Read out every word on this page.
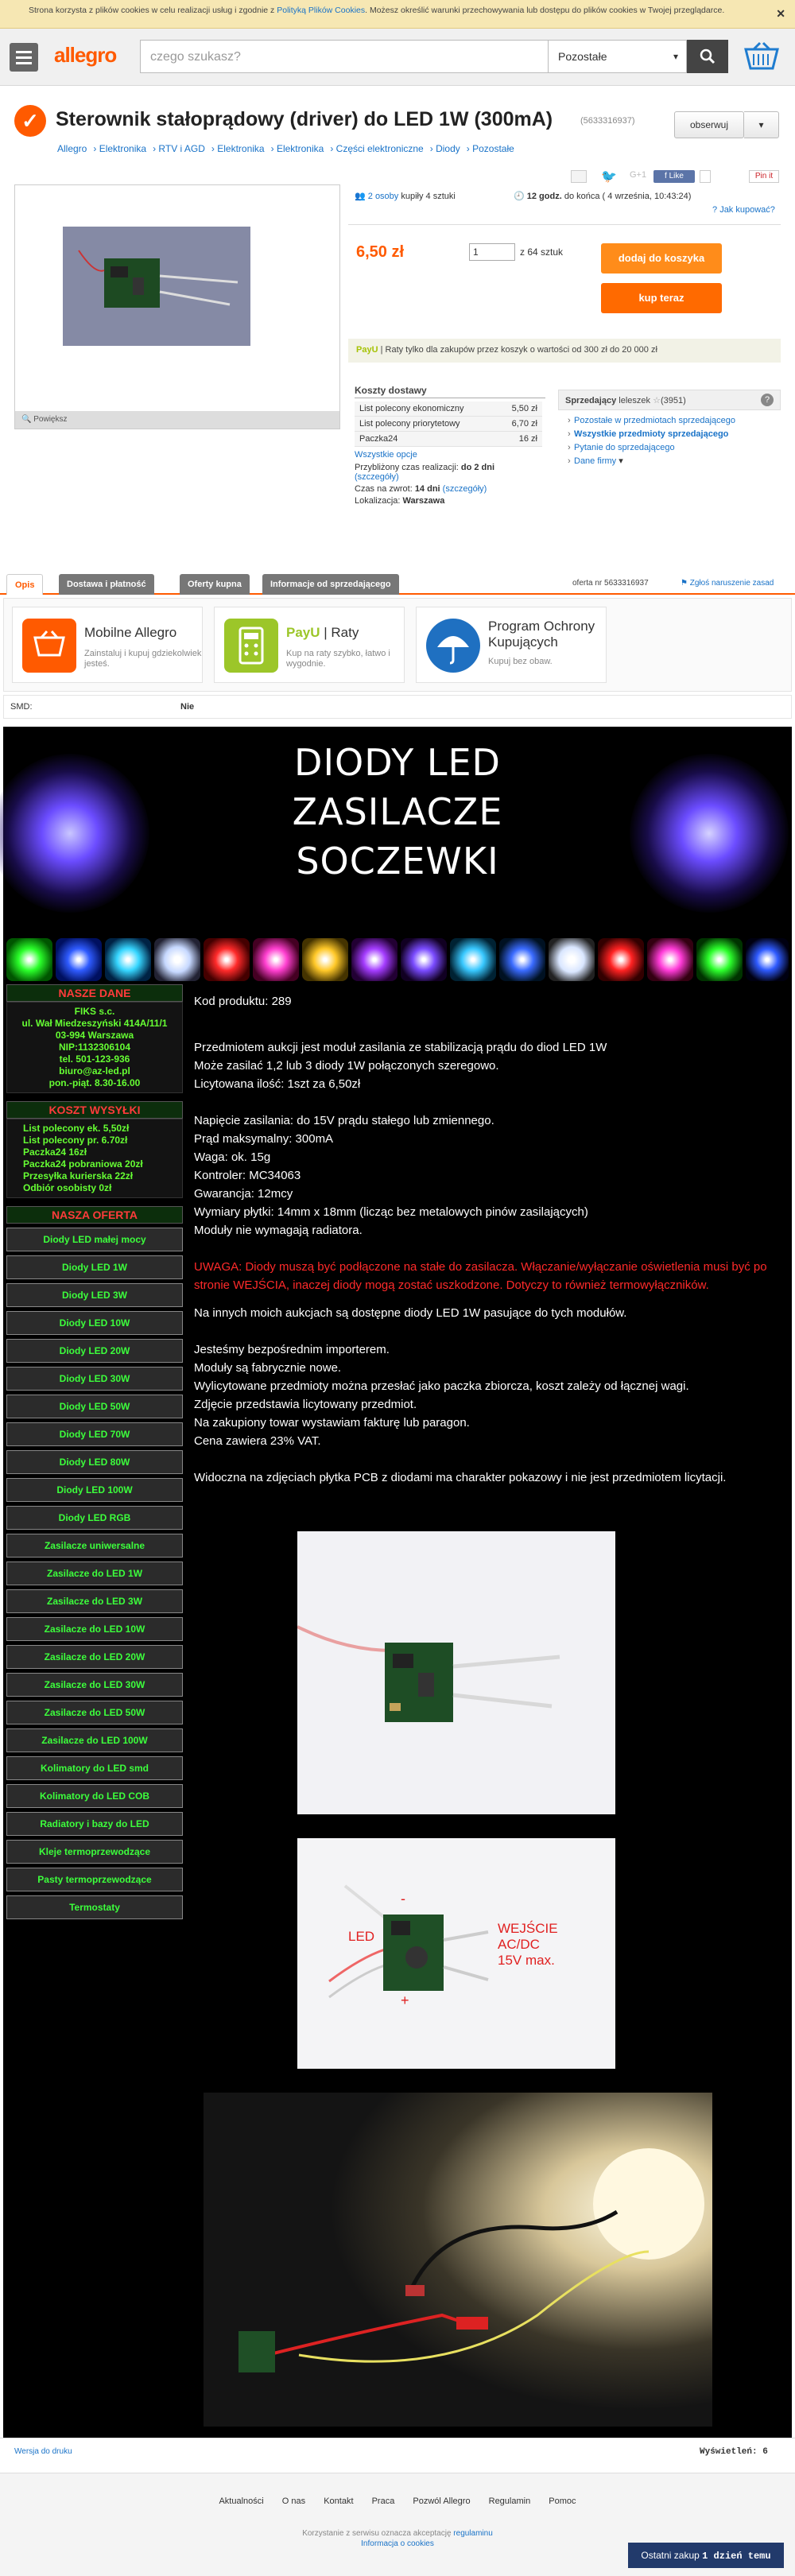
Strona korzysta z plików cookies w celu realizacji usług i zgodnie z Polityką Plików Cookies. Możesz określić warunki przechowywania lub dostępu do plików cookies w Twojej przeglądarce.	✕
allegro	czego szukasz?	Pozostałe	▾
✓ Sterownik stałoprądowy (driver) do LED 1W (300mA)	(5633316937)	obserwuj	▾
Allegro › Elektronika › RTV i AGD › Elektronika › Elektronika › Części elektroniczne › Diody › Pozostałe
🐦 G+1	f Like	Pin it
🔍 Powiększ
👥 2 osoby kupiły 4 sztuki	🕘 12 godz. do końca ( 4 września, 10:43:24)
? Jak kupować?
6,50 zł	1	z 64 sztuk	dodaj do koszyka
kup teraz
PayU | Raty tylko dla zakupów przez koszyk o wartości od 300 zł do 20 000 zł
Koszty dostawy
List polecony ekonomiczny	5,50 zł
List polecony priorytetowy	6,70 zł
Paczka24	16 zł
Wszystkie opcje
Przybliżony czas realizacji: do 2 dni
(szczegóły)
Czas na zwrot: 14 dni (szczegóły)
Lokalizacja: Warszawa
Sprzedający leleszek ☆(3951)	?
› Pozostałe w przedmiotach sprzedającego
› Wszystkie przedmioty sprzedającego
› Pytanie do sprzedającego
› Dane firmy ▾
Opis	Dostawa i płatność	Oferty kupna	Informacje od sprzedającego	oferta nr 5633316937	⚑ Zgłoś naruszenie zasad
Mobilne Allegro
Zainstaluj i kupuj gdziekolwiek jesteś.
PayU | Raty
Kup na raty szybko, łatwo i wygodnie.
Program Ochrony Kupujących
Kupuj bez obaw.
SMD:	Nie
DIODY LED
ZASILACZE
SOCZEWKI
NASZE DANE
FIKS s.c.
ul. Wał Miedzeszyński 414A/11/1
03-994 Warszawa
NIP:1132306104
tel. 501-123-936
biuro@az-led.pl
pon.-piąt. 8.30-16.00
KOSZT WYSYŁKI
List polecony ek. 5,50zł
List polecony pr. 6.70zł
Paczka24 16zł
Paczka24 pobraniowa 20zł
Przesyłka kurierska 22zł
Odbiór osobisty 0zł
NASZA OFERTA
Diody LED małej mocy
Diody LED 1W
Diody LED 3W
Diody LED 10W
Diody LED 20W
Diody LED 30W
Diody LED 50W
Diody LED 70W
Diody LED 80W
Diody LED 100W
Diody LED RGB
Zasilacze uniwersalne
Zasilacze do LED 1W
Zasilacze do LED 3W
Zasilacze do LED 10W
Zasilacze do LED 20W
Zasilacze do LED 30W
Zasilacze do LED 50W
Zasilacze do LED 100W
Kolimatory do LED smd
Kolimatory do LED COB
Radiatory i bazy do LED
Kleje termoprzewodzące
Pasty termoprzewodzące
Termostaty

Kod produktu: 289

Przedmiotem aukcji jest moduł zasilania ze stabilizacją prądu do diod LED 1W

Może zasilać 1,2 lub 3 diody 1W połączonych szeregowo.

Licytowana ilość: 1szt za 6,50zł

Napięcie zasilania: do 15V prądu stałego lub zmiennego.

Prąd maksymalny: 300mA

Waga: ok. 15g

Kontroler: MC34063

Gwarancja: 12mcy

Wymiary płytki: 14mm x 18mm (licząc bez metalowych pinów zasilających)

Moduły nie wymagają radiatora.

UWAGA: Diody muszą być podłączone na stałe do zasilacza. Włączanie/wyłączanie oświetlenia musi być po stronie WEJŚCIA, inaczej diody mogą zostać uszkodzone. Dotyczy to również termowyłączników.

Na innych moich aukcjach są dostępne diody LED 1W pasujące do tych modułów.

Jesteśmy bezpośrednim importerem.

Moduły są fabrycznie nowe.

Wylicytowane przedmioty można przesłać jako paczka zbiorcza, koszt zależy od łącznej wagi.

Zdjęcie przedstawia licytowany przedmiot.

Na zakupiony towar wystawiam fakturę lub paragon.

Cena zawiera 23% VAT.

Widoczna na zdjęciach płytka PCB z diodami ma charakter pokazowy i nie jest przedmiotem licytacji.

LED
WEJŚCIE
AC/DC
15V max.
-
+
Wersja do druku	Wyświetleń: 6
Aktualności O nas Kontakt Praca Pozwól Allegro Regulamin Pomoc
Korzystanie z serwisu oznacza akceptację regulaminu
Informacja o cookies
Ostatni zakup 1 dzień temu
